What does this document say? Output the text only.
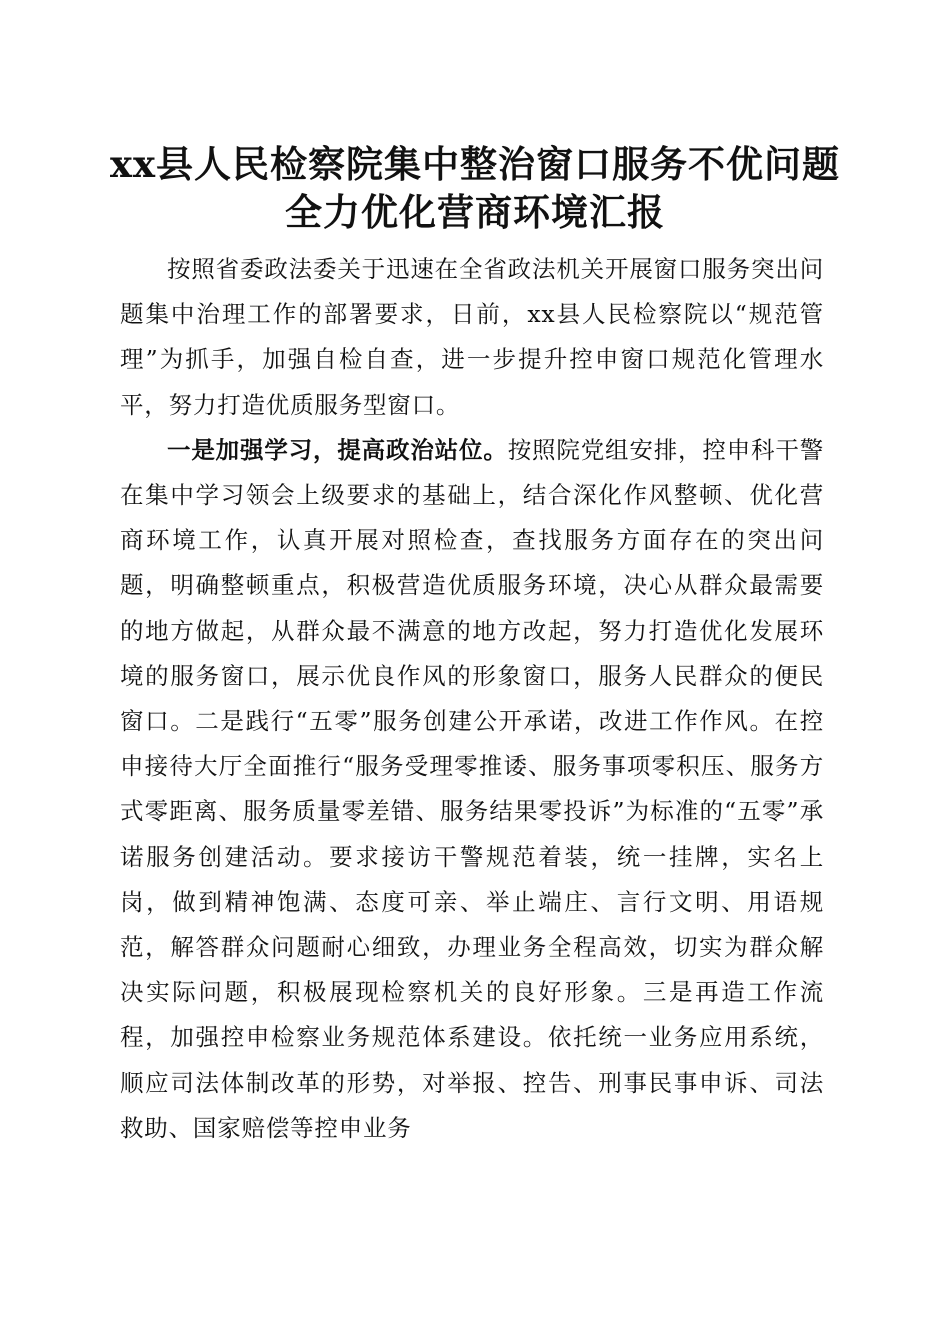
xx县人民检察院集中整治窗口服务不优问题
全力优化营商环境汇报

按照省委政法委关于迅速在全省政法机关开展窗口服务突出问题集中治理工作的部署要求，日前，xx县人民检察院以“规范管理”为抓手，加强自检自查，进一步提升控申窗口规范化管理水平，努力打造优质服务型窗口。

一是加强学习，提高政治站位。按照院党组安排，控申科干警在集中学习领会上级要求的基础上，结合深化作风整顿、优化营商环境工作，认真开展对照检查，查找服务方面存在的突出问题，明确整顿重点，积极营造优质服务环境，决心从群众最需要的地方做起，从群众最不满意的地方改起，努力打造优化发展环境的服务窗口，展示优良作风的形象窗口，服务人民群众的便民窗口。二是践行“五零”服务创建公开承诺，改进工作作风。在控申接待大厅全面推行“服务受理零推诿、服务事项零积压、服务方式零距离、服务质量零差错、服务结果零投诉”为标准的“五零”承诺服务创建活动。要求接访干警规范着装，统一挂牌，实名上岗，做到精神饱满、态度可亲、举止端庄、言行文明、用语规范，解答群众问题耐心细致，办理业务全程高效，切实为群众解决实际问题，积极展现检察机关的良好形象。三是再造工作流程，加强控申检察业务规范体系建设。依托统一业务应用系统，顺应司法体制改革的形势，对举报、控告、刑事民事申诉、司法救助、国家赔偿等控申业务
